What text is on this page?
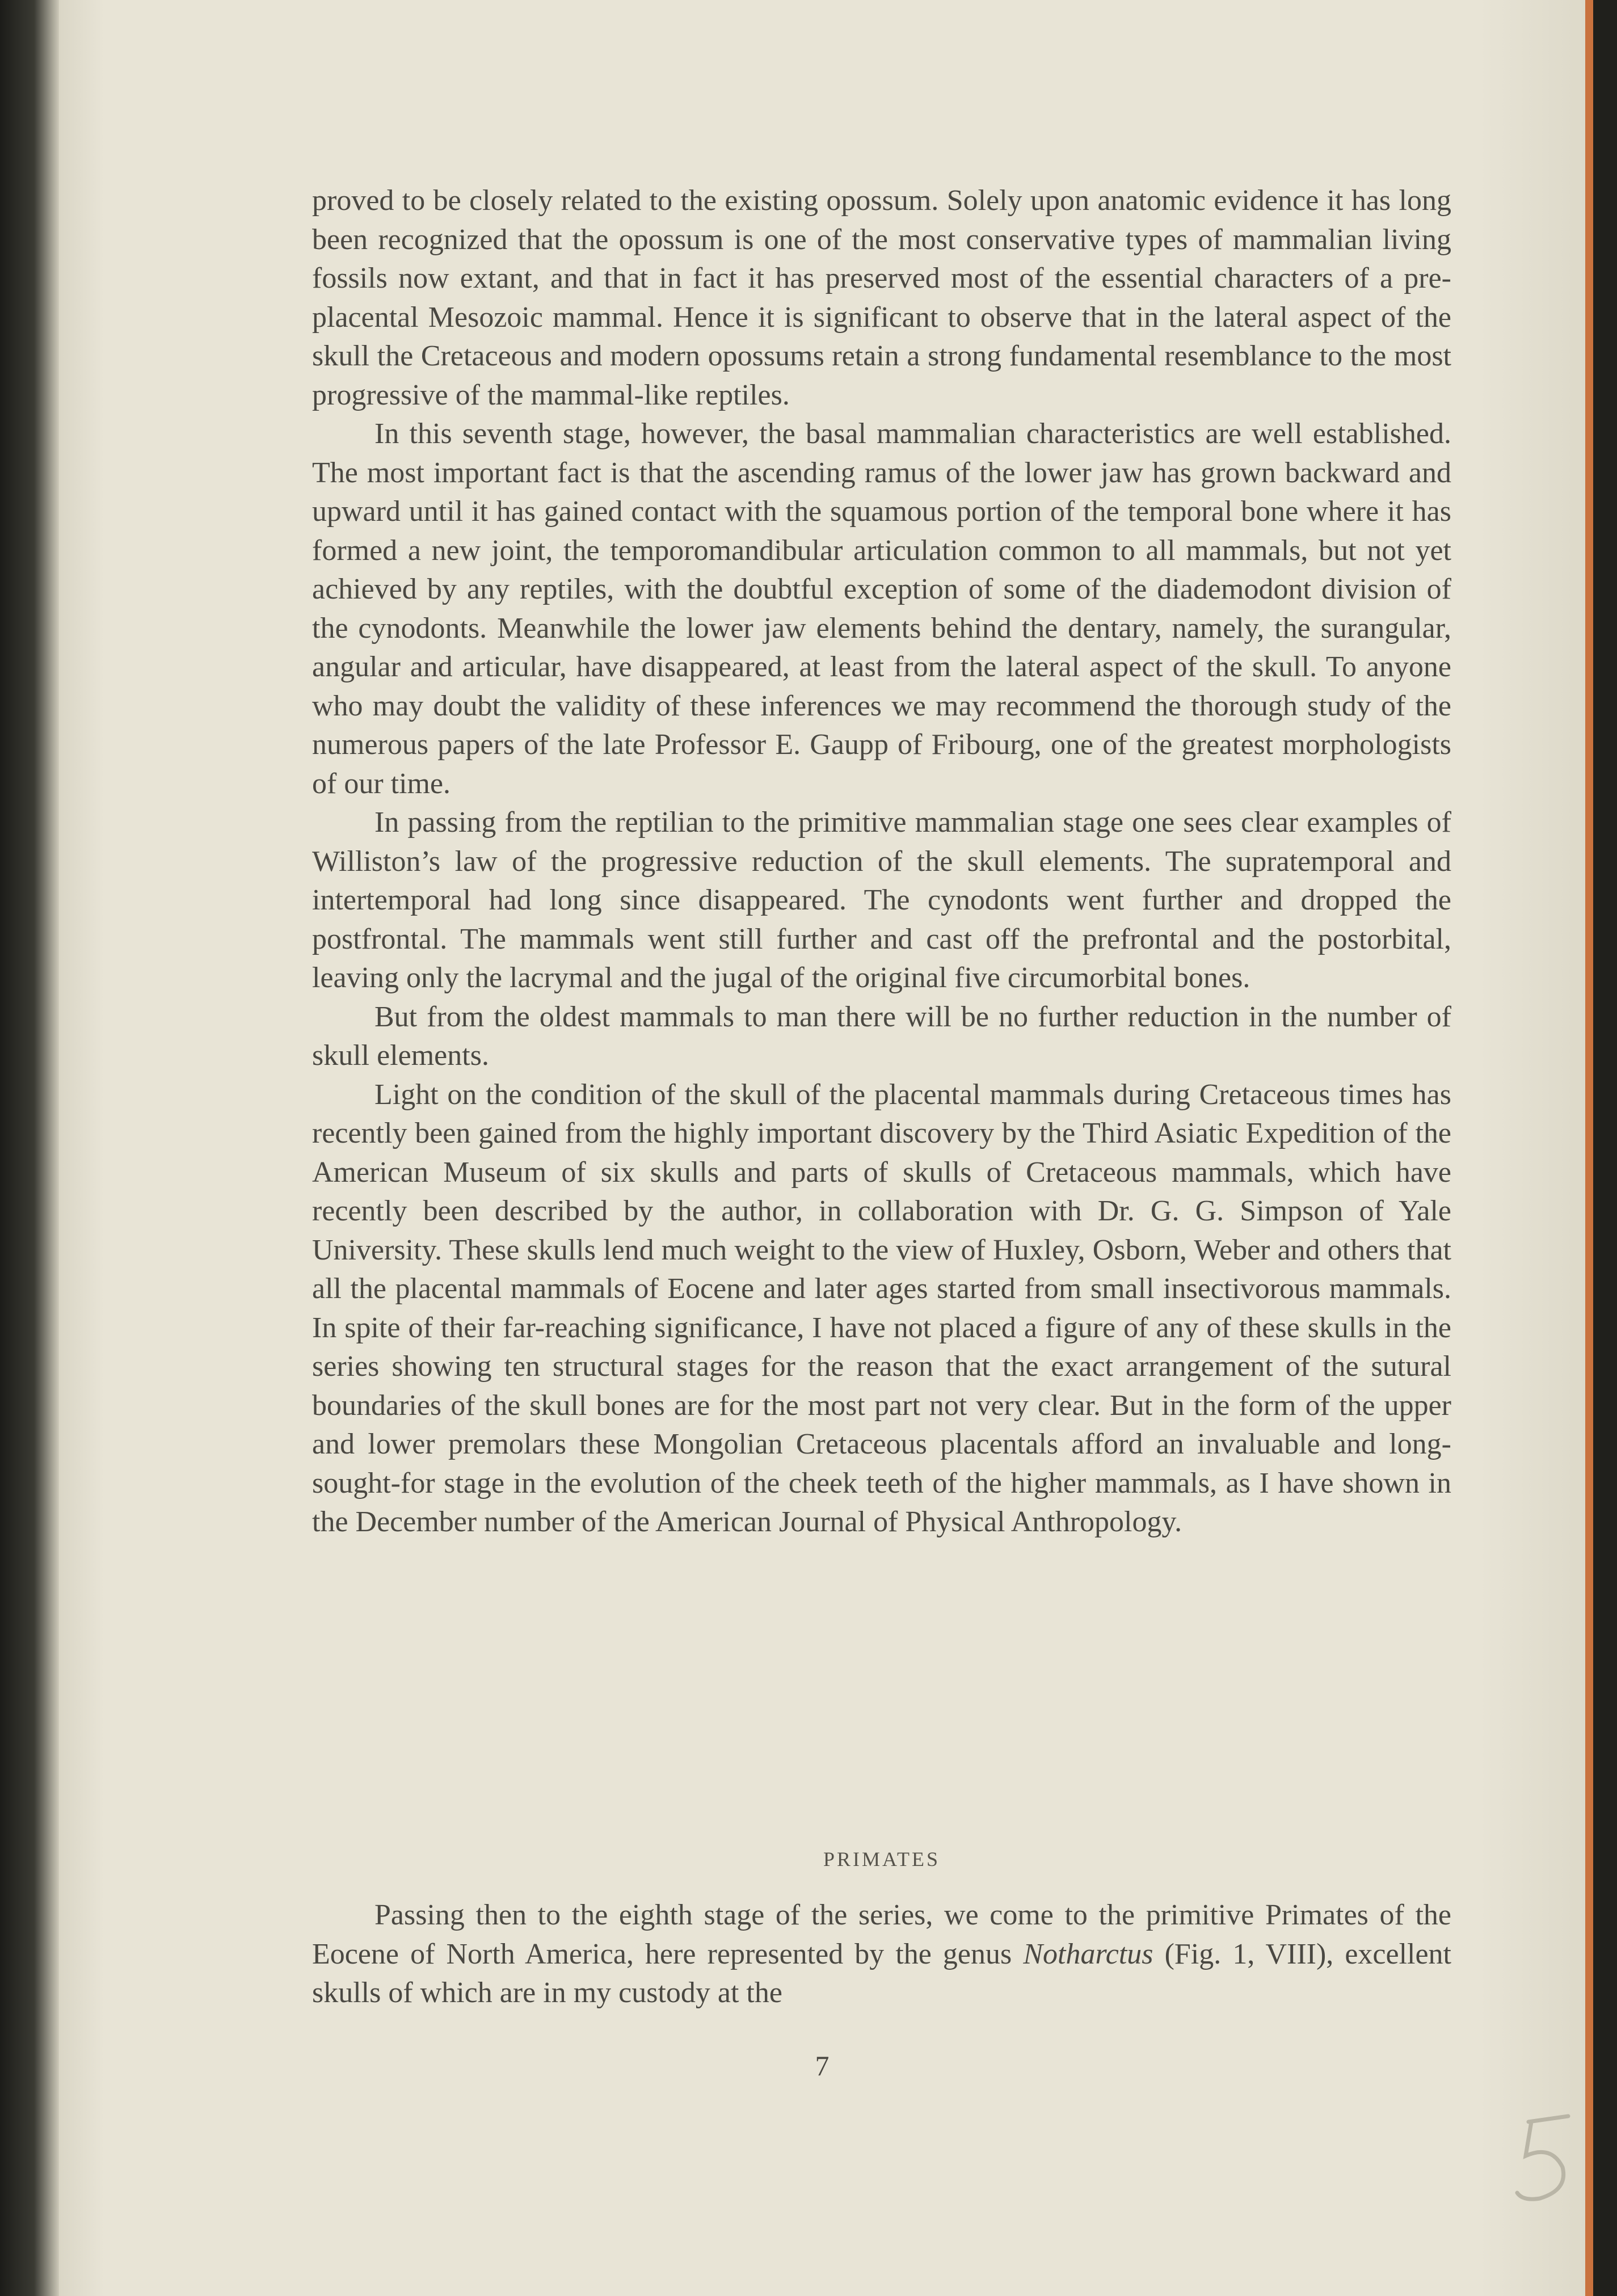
proved to be closely related to the existing opossum. Solely upon anatomic evidence it has long been recognized that the opossum is one of the most conservative types of mammalian living fossils now extant, and that in fact it has preserved most of the essential characters of a pre-placental Mesozoic mammal. Hence it is significant to observe that in the lateral aspect of the skull the Cretaceous and modern opossums retain a strong fundamental resemblance to the most progressive of the mammal-like reptiles.

In this seventh stage, however, the basal mammalian characteristics are well established. The most important fact is that the ascending ramus of the lower jaw has grown backward and upward until it has gained contact with the squamous portion of the temporal bone where it has formed a new joint, the temporomandibular articulation common to all mammals, but not yet achieved by any reptiles, with the doubtful exception of some of the diademodont division of the cynodonts. Meanwhile the lower jaw elements behind the dentary, namely, the surangular, angular and articular, have disappeared, at least from the lateral aspect of the skull. To anyone who may doubt the validity of these inferences we may recommend the thorough study of the numerous papers of the late Professor E. Gaupp of Fribourg, one of the greatest morphologists of our time.

In passing from the reptilian to the primitive mammalian stage one sees clear examples of Williston’s law of the progressive reduction of the skull elements. The supratemporal and intertemporal had long since disappeared. The cynodonts went further and dropped the postfrontal. The mammals went still further and cast off the prefrontal and the postorbital, leaving only the lacrymal and the jugal of the original five circumorbital bones.

But from the oldest mammals to man there will be no further reduction in the number of skull elements.

Light on the condition of the skull of the placental mammals during Cretaceous times has recently been gained from the highly important discovery by the Third Asiatic Expedition of the American Museum of six skulls and parts of skulls of Cretaceous mammals, which have recently been described by the author, in collaboration with Dr. G. G. Simpson of Yale University. These skulls lend much weight to the view of Huxley, Osborn, Weber and others that all the placental mammals of Eocene and later ages started from small insectivorous mammals. In spite of their far-reaching significance, I have not placed a figure of any of these skulls in the series showing ten structural stages for the reason that the exact arrangement of the sutural boundaries of the skull bones are for the most part not very clear. But in the form of the upper and lower premolars these Mongolian Cretaceous placentals afford an invaluable and long-sought-for stage in the evolution of the cheek teeth of the higher mammals, as I have shown in the December number of the American Journal of Physical Anthropology.

PRIMATES

Passing then to the eighth stage of the series, we come to the primitive Primates of the Eocene of North America, here represented by the genus Notharctus (Fig. 1, VIII), excellent skulls of which are in my custody at the

7
